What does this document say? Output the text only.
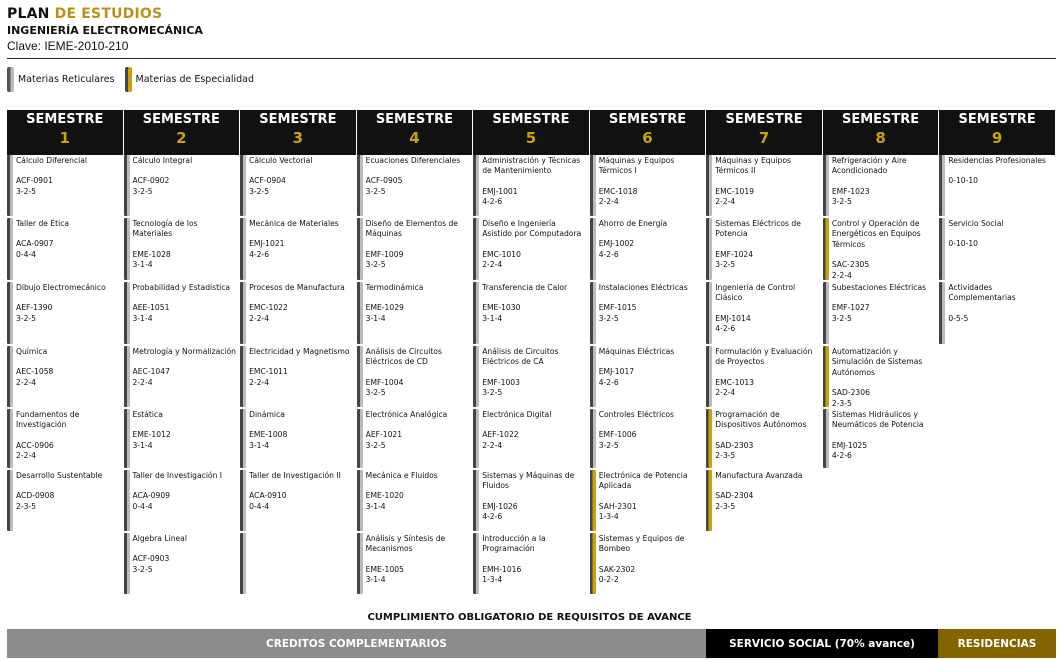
PLAN DE ESTUDIOS
INGENIERÍA ELECTROMECÁNICA
Clave: IEME-2010-210
Materias Reticulares Materias de Especialidad
SEMESTRE
1
Cálculo Diferencial
ACF-0901
3-2-5
Taller de Ética
ACA-0907
0-4-4
Dibujo Electromecánico
AEF-1390
3-2-5
Química
AEC-1058
2-2-4
Fundamentos de Investigación
ACC-0906
2-2-4
Desarrollo Sustentable
ACD-0908
2-3-5
SEMESTRE
2
Cálculo Integral
ACF-0902
3-2-5
Tecnología de los Materiales
EME-1028
3-1-4
Probabilidad y Estadística
AEE-1051
3-1-4
Metrología y Normalización
AEC-1047
2-2-4
Estática
EME-1012
3-1-4
Taller de Investigación I
ACA-0909
0-4-4
Algebra Lineal
ACF-0903
3-2-5
SEMESTRE
3
Cálculo Vectorial
ACF-0904
3-2-5
Mecánica de Materiales
EMJ-1021
4-2-6
Procesos de Manufactura
EMC-1022
2-2-4
Electricidad y Magnetismo
EMC-1011
2-2-4
Dinámica
EME-1008
3-1-4
Taller de Investigación II
ACA-0910
0-4-4
SEMESTRE
4
Ecuaciones Diferenciales
ACF-0905
3-2-5
Diseño de Elementos de Máquinas
EMF-1009
3-2-5
Termodinámica
EME-1029
3-1-4
Análisis de Circuitos Eléctricos de CD
EMF-1004
3-2-5
Electrónica Analógica
AEF-1021
3-2-5
Mecánica e Fluidos
EME-1020
3-1-4
Análisis y Síntesis de Mecanismos
EME-1005
3-1-4
SEMESTRE
5
Administración y Técnicas de Mantenimiento
EMJ-1001
4-2-6
Diseño e Ingeniería Asistido por Computadora
EMC-1010
2-2-4
Transferencia de Calor
EME-1030
3-1-4
Análisis de Circuitos Eléctricos de CA
EMF-1003
3-2-5
Electrónica Digital
AEF-1022
2-2-4
Sistemas y Máquinas de Fluidos
EMJ-1026
4-2-6
Introducción a la Programación
EMH-1016
1-3-4
SEMESTRE
6
Máquinas y Equipos Térmicos I
EMC-1018
2-2-4
Ahorro de Energía
EMJ-1002
4-2-6
Instalaciones Eléctricas
EMF-1015
3-2-5
Máquinas Eléctricas
EMJ-1017
4-2-6
Controles Eléctricos
EMF-1006
3-2-5
Electrónica de Potencia Aplicada
SAH-2301
1-3-4
Sistemas y Equipos de Bombeo
SAK-2302
0-2-2
SEMESTRE
7
Máquinas y Equipos Térmicos II
EMC-1019
2-2-4
Sistemas Eléctricos de Potencia
EMF-1024
3-2-5
Ingeniería de Control Clásico
EMJ-1014
4-2-6
Formulación y Evaluación de Proyectos
EMC-1013
2-2-4
Programación de Dispositivos Autónomos
SAD-2303
2-3-5
Manufactura Avanzada
SAD-2304
2-3-5
SEMESTRE
8
Refrigeración y Aire Acondicionado
EMF-1023
3-2-5
Control y Operación de Energéticos en Equipos Térmicos
SAC-2305
2-2-4
Subestaciones Eléctricas
EMF-1027
3-2-5
Automatización y Simulación de Sistemas Autónomos
SAD-2306
2-3-5
Sistemas Hidráulicos y Neumáticos de Potencia
EMJ-1025
4-2-6
SEMESTRE
9
Residencias Profesionales
0-10-10
Servicio Social
0-10-10
Actividades Complementarias
0-5-5
CUMPLIMIENTO OBLIGATORIO DE REQUISITOS DE AVANCE
CREDITOS COMPLEMENTARIOS	SERVICIO SOCIAL (70% avance)	RESIDENCIAS
